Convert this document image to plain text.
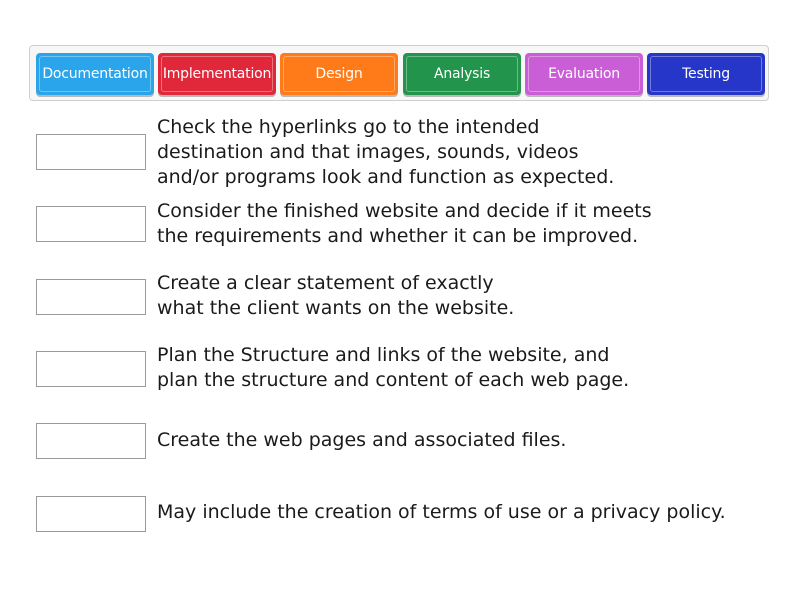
Documentation Implementation	Design	Analysis	Evaluation	Testing
Check the hyperlinks go to the intended
destination and that images, sounds, videos
and/or programs look and function as expected.
Consider the finished website and decide if it meets
the requirements and whether it can be improved.
Create a clear statement of exactly
what the client wants on the website.
Plan the Structure and links of the website, and
plan the structure and content of each web page.
Create the web pages and associated files.
May include the creation of terms of use or a privacy policy.
